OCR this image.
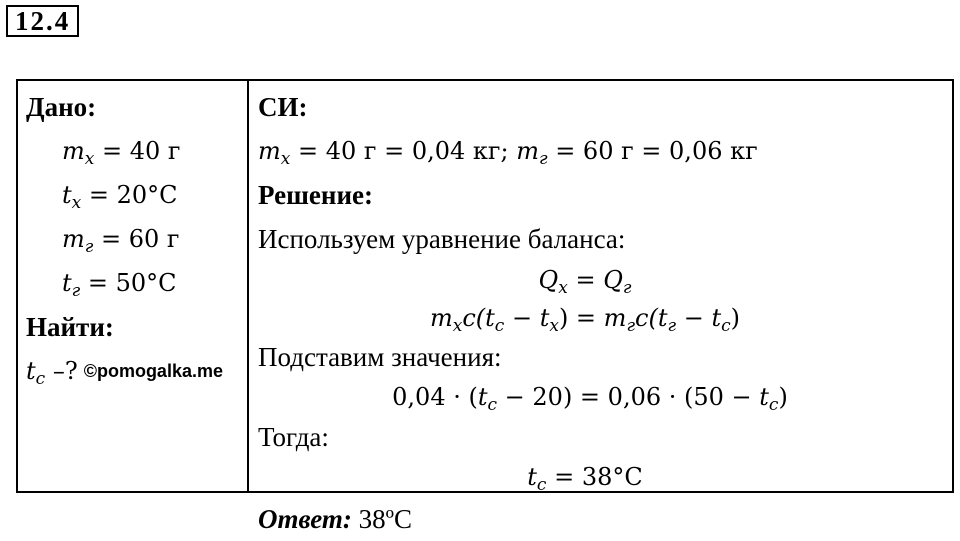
12.4
Дано:
$m_x = 40$ г
$t_x = 20^\circ C$
$m_г = 60$ г
$t_г = 50^\circ C$
Найти:
$t_с$ –? ©pomogalka.me
СИ:
$m_x = 40$ г = 0,04 кг; $m_г = 60$ г = 0,06 кг
Решение:
Используем уравнение баланса:
$Q_x = Q_г$
$m_xc(t_с - t_x) = m_гc(t_г - t_с)$
Подставим значения:
$0,04 \cdot (t_с - 20) = 0,06 \cdot (50 - t_с)$
Тогда:
$t_с = 38^\circ C$
Ответ: 38ºC
